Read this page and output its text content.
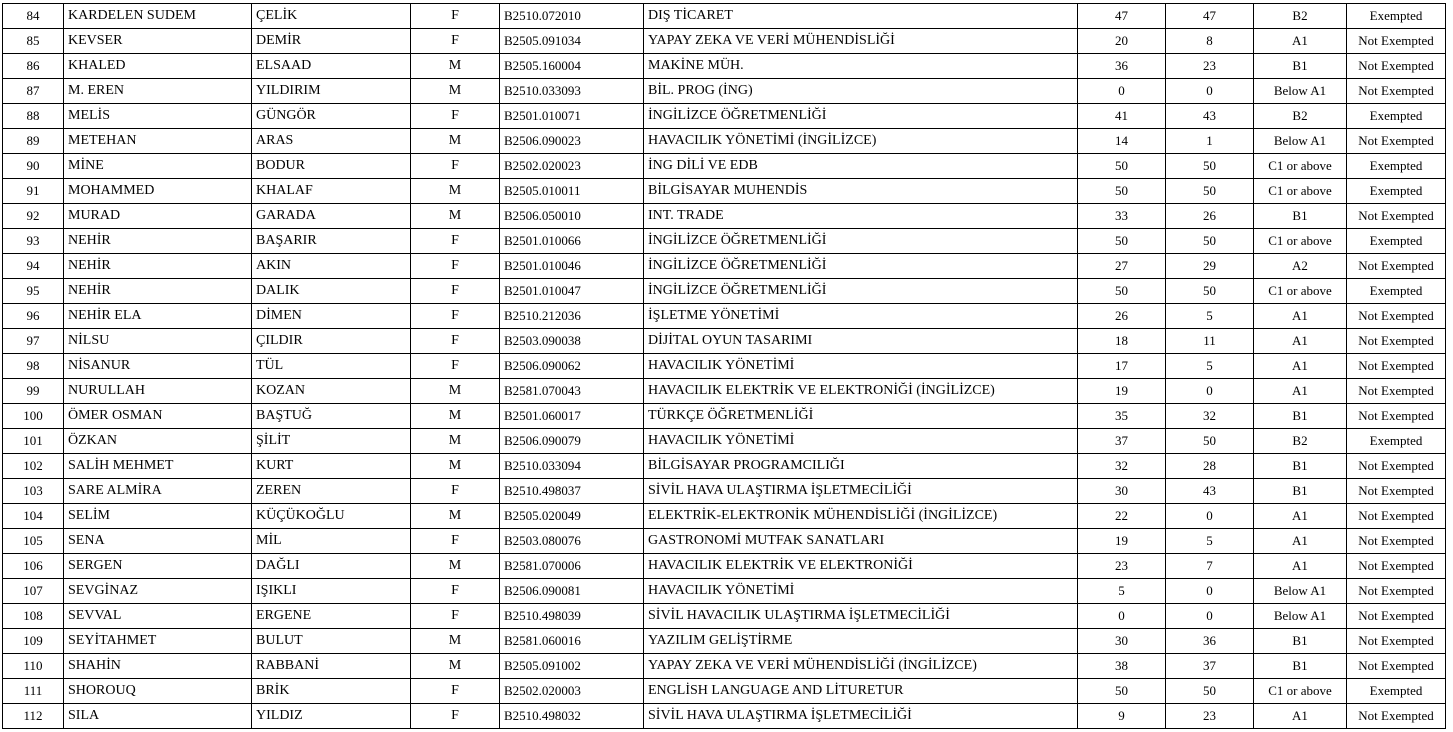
84	KARDELEN SUDEM	ÇELİK	F	B2510.072010	DIŞ TİCARET	47	47	B2	Exempted
85	KEVSER	DEMİR	F	B2505.091034	YAPAY ZEKA VE VERİ MÜHENDİSLİĞİ	20	8	A1	Not Exempted
86	KHALED	ELSAAD	M	B2505.160004	MAKİNE MÜH.	36	23	B1	Not Exempted
87	M. EREN	YILDIRIM	M	B2510.033093	BİL. PROG (İNG)	0	0	Below A1	Not Exempted
88	MELİS	GÜNGÖR	F	B2501.010071	İNGİLİZCE ÖĞRETMENLİĞİ	41	43	B2	Exempted
89	METEHAN	ARAS	M	B2506.090023	HAVACILIK YÖNETİMİ (İNGİLİZCE)	14	1	Below A1	Not Exempted
90	MİNE	BODUR	F	B2502.020023	İNG DİLİ VE EDB	50	50	C1 or above	Exempted
91	MOHAMMED	KHALAF	M	B2505.010011	BİLGİSAYAR MUHENDİS	50	50	C1 or above	Exempted
92	MURAD	GARADA	M	B2506.050010	INT. TRADE	33	26	B1	Not Exempted
93	NEHİR	BAŞARIR	F	B2501.010066	İNGİLİZCE ÖĞRETMENLİĞİ	50	50	C1 or above	Exempted
94	NEHİR	AKIN	F	B2501.010046	İNGİLİZCE ÖĞRETMENLİĞİ	27	29	A2	Not Exempted
95	NEHİR	DALIK	F	B2501.010047	İNGİLİZCE ÖĞRETMENLİĞİ	50	50	C1 or above	Exempted
96	NEHİR ELA	DİMEN	F	B2510.212036	İŞLETME YÖNETİMİ	26	5	A1	Not Exempted
97	NİLSU	ÇILDIR	F	B2503.090038	DİJİTAL OYUN TASARIMI	18	11	A1	Not Exempted
98	NİSANUR	TÜL	F	B2506.090062	HAVACILIK YÖNETİMİ	17	5	A1	Not Exempted
99	NURULLAH	KOZAN	M	B2581.070043	HAVACILIK ELEKTRİK VE ELEKTRONİĞİ (İNGİLİZCE)	19	0	A1	Not Exempted
100	ÖMER OSMAN	BAŞTUĞ	M	B2501.060017	TÜRKÇE ÖĞRETMENLİĞİ	35	32	B1	Not Exempted
101	ÖZKAN	ŞİLİT	M	B2506.090079	HAVACILIK YÖNETİMİ	37	50	B2	Exempted
102	SALİH MEHMET	KURT	M	B2510.033094	BİLGİSAYAR PROGRAMCILIĞI	32	28	B1	Not Exempted
103	SARE ALMİRA	ZEREN	F	B2510.498037	SİVİL HAVA ULAŞTIRMA İŞLETMECİLİĞİ	30	43	B1	Not Exempted
104	SELİM	KÜÇÜKOĞLU	M	B2505.020049	ELEKTRİK-ELEKTRONİK MÜHENDİSLİĞİ (İNGİLİZCE)	22	0	A1	Not Exempted
105	SENA	MİL	F	B2503.080076	GASTRONOMİ MUTFAK SANATLARI	19	5	A1	Not Exempted
106	SERGEN	DAĞLI	M	B2581.070006	HAVACILIK ELEKTRİK VE ELEKTRONİĞİ	23	7	A1	Not Exempted
107	SEVGİNAZ	IŞIKLI	F	B2506.090081	HAVACILIK YÖNETİMİ	5	0	Below A1	Not Exempted
108	SEVVAL	ERGENE	F	B2510.498039	SİVİL HAVACILIK ULAŞTIRMA İŞLETMECİLİĞİ	0	0	Below A1	Not Exempted
109	SEYİTAHMET	BULUT	M	B2581.060016	YAZILIM GELİŞTİRME	30	36	B1	Not Exempted
110	SHAHİN	RABBANİ	M	B2505.091002	YAPAY ZEKA VE VERİ MÜHENDİSLİĞİ (İNGİLİZCE)	38	37	B1	Not Exempted
111	SHOROUQ	BRİK	F	B2502.020003	ENGLİSH LANGUAGE AND LİTURETUR	50	50	C1 or above	Exempted
112	SILA	YILDIZ	F	B2510.498032	SİVİL HAVA ULAŞTIRMA İŞLETMECİLİĞİ	9	23	A1	Not Exempted
